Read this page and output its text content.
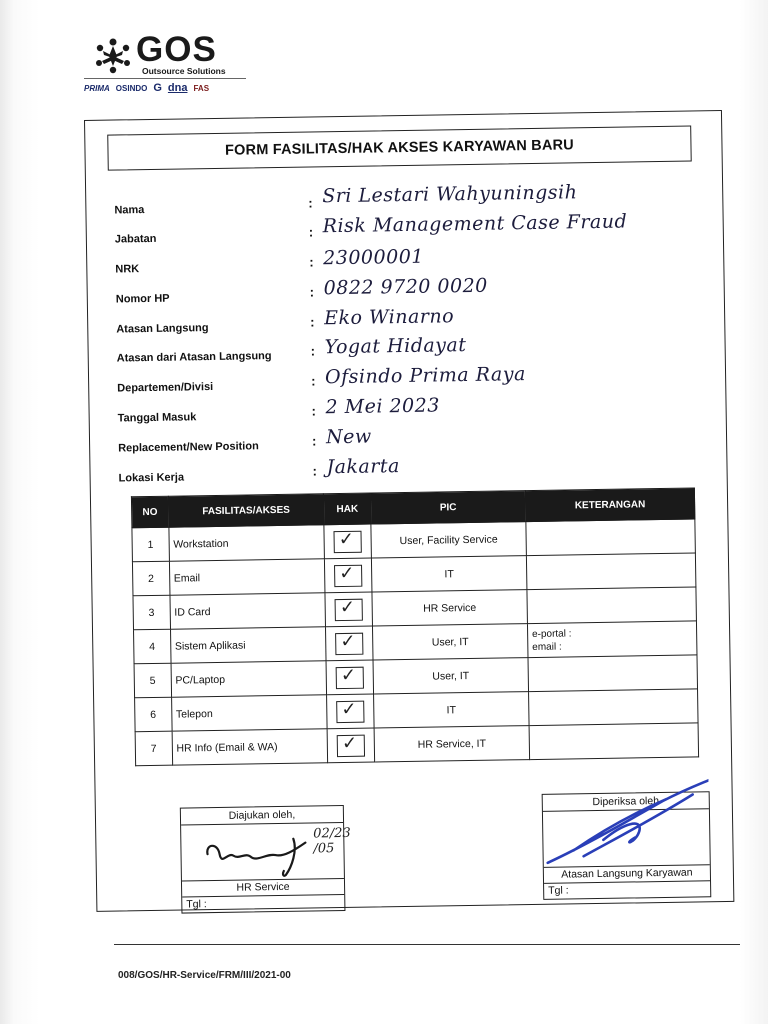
GOS
Outsource Solutions
PRIMA OSINDO G dna FAS
FORM FASILITAS/HAK AKSES KARYAWAN BARU
Nama	: Sri Lestari Wahyuningsih
Jabatan	: Risk Management Case Fraud
NRK	: 23000001
Nomor HP	: 0822 9720 0020
Atasan Langsung	: Eko Winarno
Atasan dari Atasan Langsung	: Yogat Hidayat
Departemen/Divisi	: Ofsindo Prima Raya
Tanggal Masuk	: 2 Mei 2023
Replacement/New Position	: New
Lokasi Kerja	: Jakarta
NO	FASILITAS/AKSES	HAK	PIC	KETERANGAN
1	Workstation	✓	User, Facility Service	

2	Email	✓	IT	

3	ID Card	✓	HR Service	

4	Sistem Aplikasi	✓	User, IT	e-portal :
email :

5	PC/Laptop	✓	User, IT	

6	Telepon	✓	IT	

7	HR Info (Email & WA)	✓	HR Service, IT	
Diajukan oleh,
02/23 /05
HR Service
Tgl :
Diperiksa oleh
Atasan Langsung Karyawan
Tgl :
008/GOS/HR-Service/FRM/III/2021-00
